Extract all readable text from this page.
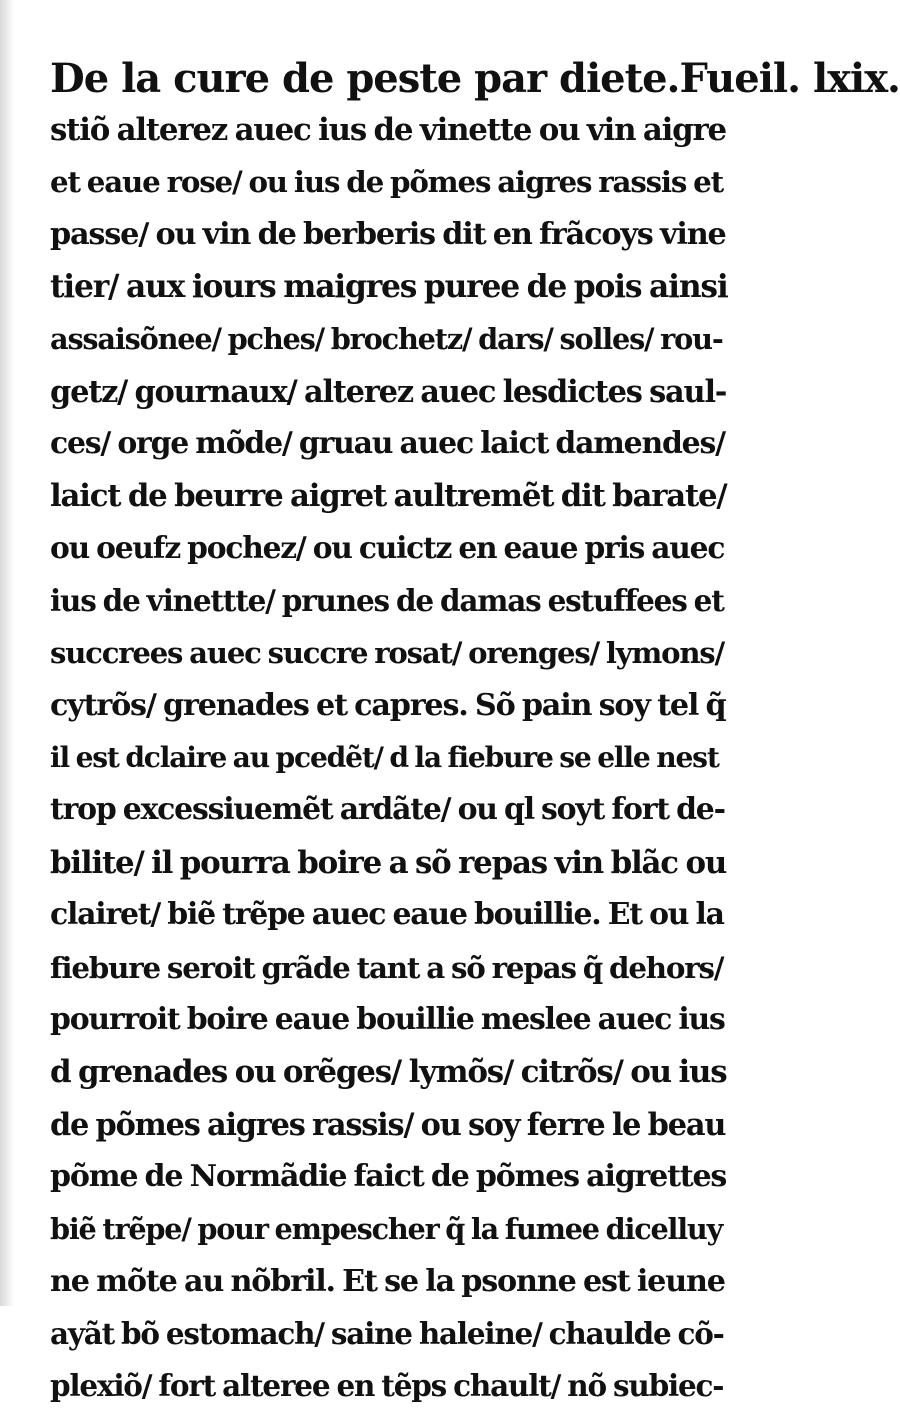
De la cure de peste par diete. Fueil. lxix.
stiõ alterez auec ius de vinette ou vin aigre
et eaue rose/ ou ius de põmes aigres rassis et
passe/ ou vin de berberis dit en frãcoys vine
tier/ aux iours maigres puree de pois ainsi
assaisõnee/ pches/ brochetz/ dars/ solles/ rou-
getz/ gournaux/ alterez auec lesdictes saul-
ces/ orge mõde/ gruau auec laict damendes/
laict de beurre aigret aultremẽt dit barate/
ou oeufz pochez/ ou cuictz en eaue pris auec
ius de vinettte/ prunes de damas estuffees et
succrees auec succre rosat/ orenges/ lymons/
cytrõs/ grenades et capres. Sõ pain soy tel q̃
il est dclaire au pcedẽt/ d la fiebure se elle nest
trop excessiuemẽt ardãte/ ou ql soyt fort de-
bilite/ il pourra boire a sõ repas vin blãc ou
clairet/ biẽ trẽpe auec eaue bouillie. Et ou la
fiebure seroit grãde tant a sõ repas q̃ dehors/
pourroit boire eaue bouillie meslee auec ius
d grenades ou orẽges/ lymõs/ citrõs/ ou ius
de põmes aigres rassis/ ou soy ferre le beau
põme de Normãdie faict de põmes aigrettes
biẽ trẽpe/ pour empescher q̃ la fumee dicelluy
ne mõte au nõbril. Et se la psonne est ieune
ayãt bõ estomach/ saine haleine/ chaulde cõ-
plexiõ/ fort alteree en tẽps chault/ nõ subiec-
